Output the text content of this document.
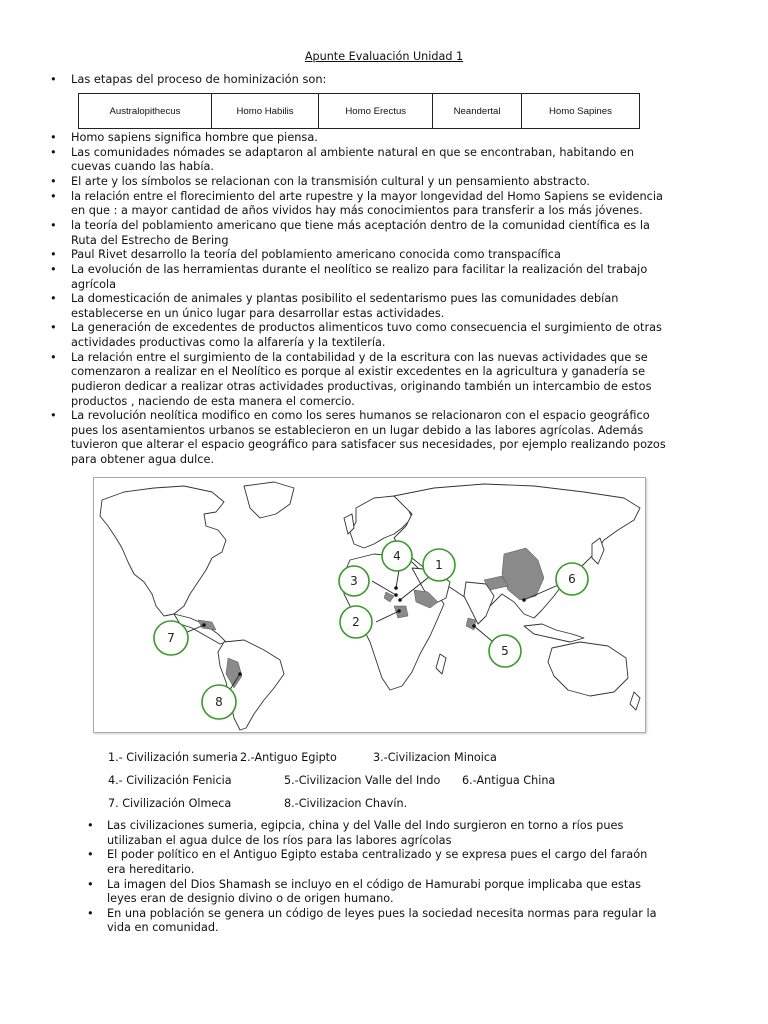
Apunte Evaluación Unidad 1
• Las etapas del proceso de hominización son:
Australopithecus	Homo Habilis	Homo Erectus	Neandertal	Homo Sapines
• Homo sapiens significa hombre que piensa.
• Las comunidades nómades se adaptaron al ambiente natural en que se encontraban, habitando en cuevas cuando las había.
• El arte y los símbolos se relacionan con la transmisión cultural y un pensamiento abstracto.
• la relación entre el florecimiento del arte rupestre y la mayor longevidad del Homo Sapiens se evidencia en que : a mayor cantidad de años vividos hay más conocimientos para transferir a los más jóvenes.
• la teoría del poblamiento americano que tiene más aceptación dentro de la comunidad científica es la Ruta del Estrecho de Bering
• Paul Rivet desarrollo la teoría del poblamiento americano conocida como transpacífica
• La evolución de las herramientas durante el neolítico se realizo para facilitar la realización del trabajo agrícola
• La domesticación de animales y plantas posibilito el sedentarismo pues las comunidades debían establecerse en un único lugar para desarrollar estas actividades.
• La generación de excedentes de productos alimenticos tuvo como consecuencia el surgimiento de otras actividades productivas como la alfarería y la textilería.
• La relación entre el surgimiento de la contabilidad y de la escritura con las nuevas actividades que se comenzaron a realizar en el Neolítico es porque al existir excedentes en la agricultura y ganadería se pudieron dedicar a realizar otras actividades productivas, originando también un intercambio de estos productos , naciendo de esta manera el comercio.
• La revolución neolítica modifico en como los seres humanos se relacionaron con el espacio geográfico pues los asentamientos urbanos se establecieron en un lugar debido a las labores agrícolas. Además tuvieron que alterar el espacio geográfico para satisfacer sus necesidades, por ejemplo realizando pozos para obtener agua dulce.
1
2
3
4
5
6
7
8
1.- Civilización sumeria 2.-Antiguo Egipto	3.-Civilizacion Minoica
4.- Civilización Fenicia	5.-Civilizacion Valle del Indo 6.-Antigua China
7. Civilización Olmeca	8.-Civilizacion Chavín.
• Las civilizaciones sumeria, egipcia, china y del Valle del Indo surgieron en torno a ríos pues utilizaban el agua dulce de los ríos para las labores agrícolas
• El poder político en el Antiguo Egipto estaba centralizado y se expresa pues el cargo del faraón era hereditario.
• La imagen del Dios Shamash se incluyo en el código de Hamurabi porque implicaba que estas leyes eran de designio divino o de origen humano.
• En una población se genera un código de leyes pues la sociedad necesita normas para regular la vida en comunidad.
